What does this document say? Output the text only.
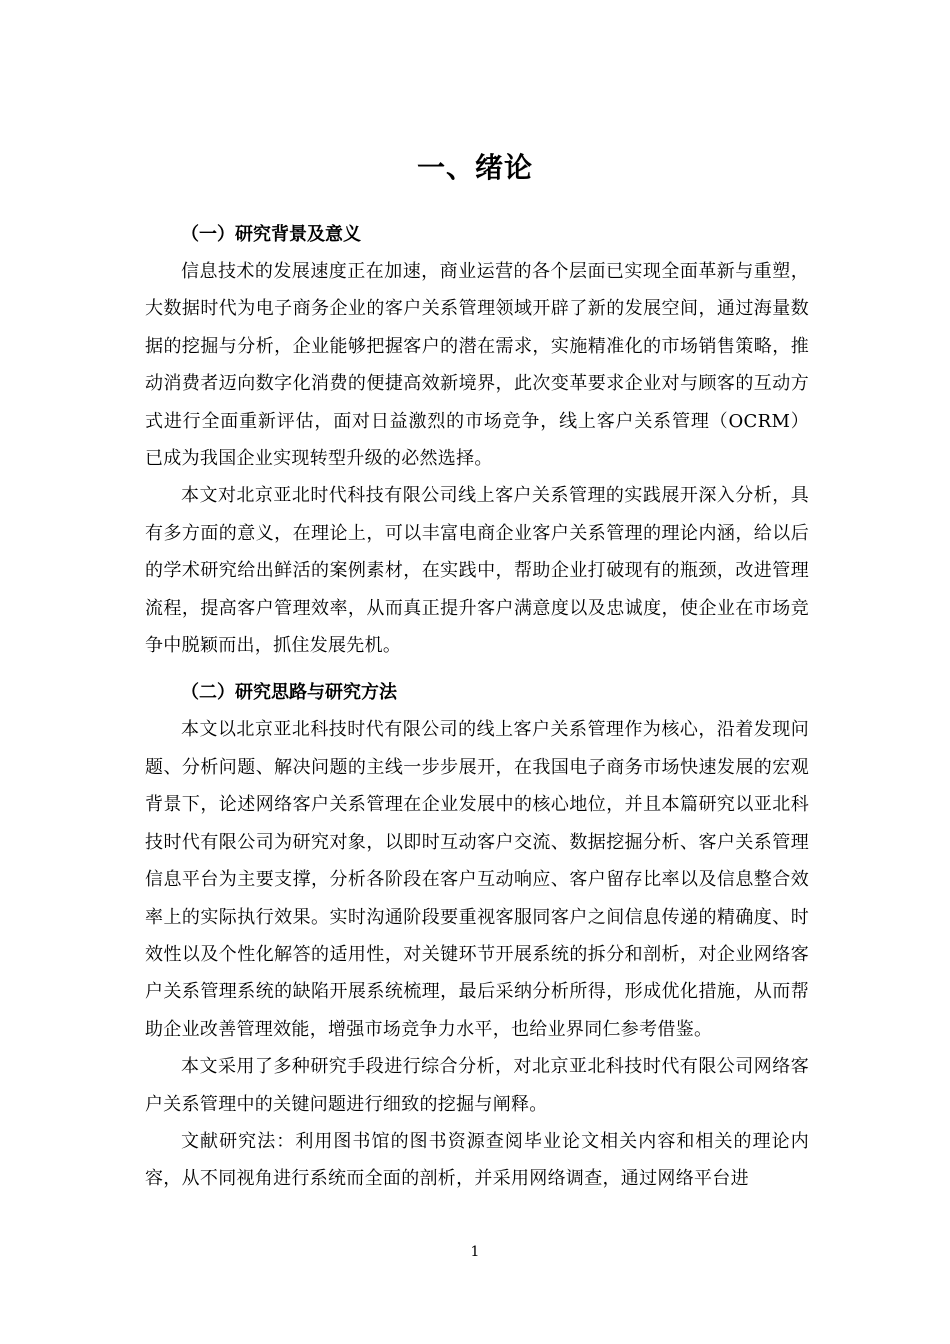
一、绪论
（一）研究背景及意义

信息技术的发展速度正在加速，商业运营的各个层面已实现全面革新与重塑，大数据时代为电子商务企业的客户关系管理领域开辟了新的发展空间，通过海量数据的挖掘与分析，企业能够把握客户的潜在需求，实施精准化的市场销售策略，推动消费者迈向数字化消费的便捷高效新境界，此次变革要求企业对与顾客的互动方式进行全面重新评估，面对日益激烈的市场竞争，线上客户关系管理（OCRM）已成为我国企业实现转型升级的必然选择。

本文对北京亚北时代科技有限公司线上客户关系管理的实践展开深入分析，具有多方面的意义，在理论上，可以丰富电商企业客户关系管理的理论内涵，给以后的学术研究给出鲜活的案例素材，在实践中，帮助企业打破现有的瓶颈，改进管理流程，提高客户管理效率，从而真正提升客户满意度以及忠诚度，使企业在市场竞争中脱颖而出，抓住发展先机。

（二）研究思路与研究方法

本文以北京亚北科技时代有限公司的线上客户关系管理作为核心，沿着发现问题、分析问题、解决问题的主线一步步展开，在我国电子商务市场快速发展的宏观背景下，论述网络客户关系管理在企业发展中的核心地位，并且本篇研究以亚北科技时代有限公司为研究对象，以即时互动客户交流、数据挖掘分析、客户关系管理信息平台为主要支撑，分析各阶段在客户互动响应、客户留存比率以及信息整合效率上的实际执行效果。实时沟通阶段要重视客服同客户之间信息传递的精确度、时效性以及个性化解答的适用性，对关键环节开展系统的拆分和剖析，对企业网络客户关系管理系统的缺陷开展系统梳理，最后采纳分析所得，形成优化措施，从而帮助企业改善管理效能，增强市场竞争力水平，也给业界同仁参考借鉴。

本文采用了多种研究手段进行综合分析，对北京亚北科技时代有限公司网络客户关系管理中的关键问题进行细致的挖掘与阐释。

文献研究法：利用图书馆的图书资源查阅毕业论文相关内容和相关的理论内容，从不同视角进行系统而全面的剖析，并采用网络调查，通过网络平台进

1
